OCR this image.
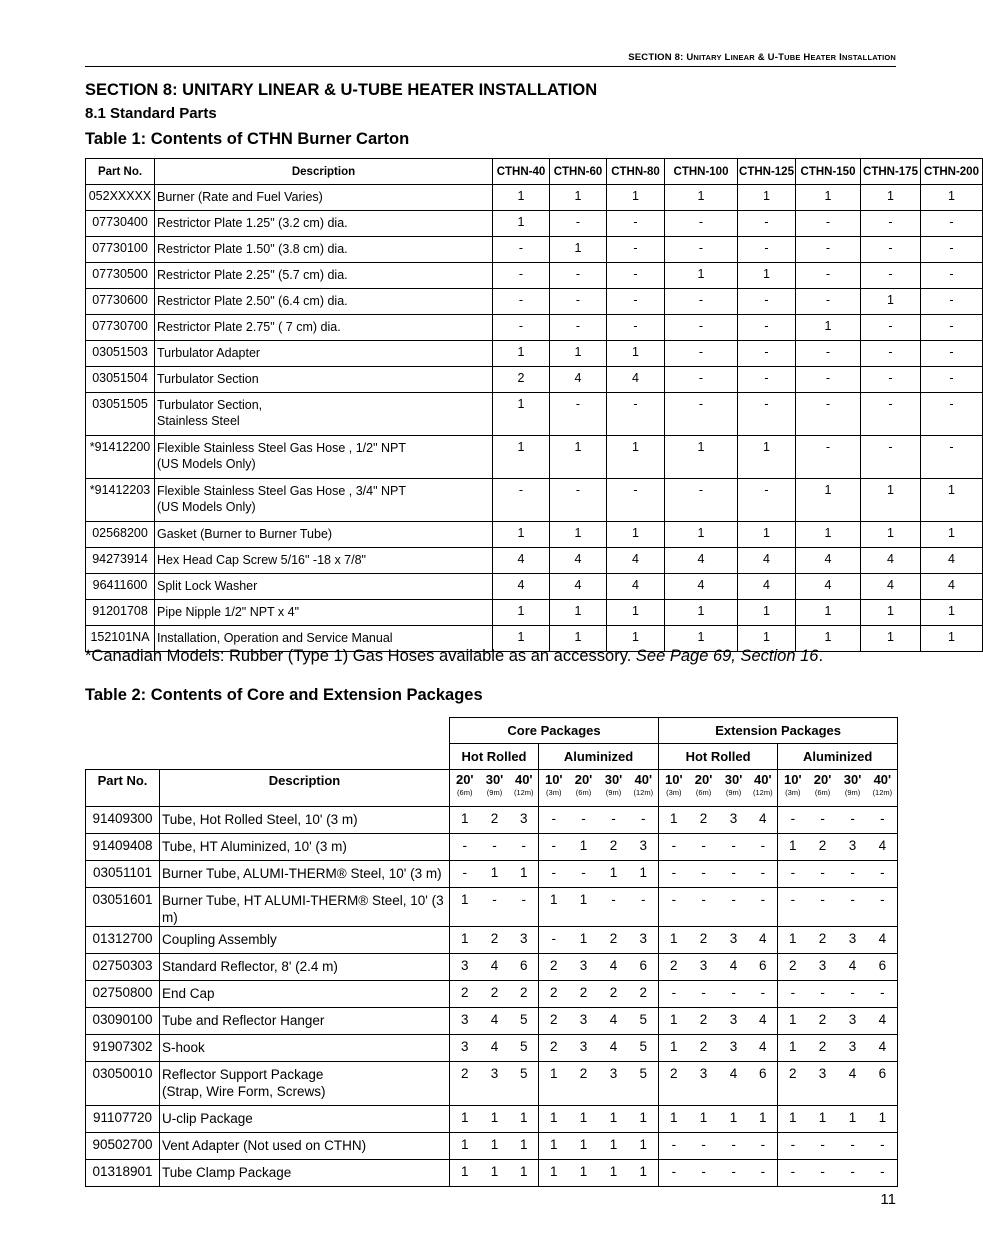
SECTION 8: UNITARY LINEAR & U-TUBE HEATER INSTALLATION
SECTION 8: UNITARY LINEAR & U-TUBE HEATER INSTALLATION
8.1 Standard Parts
Table 1: Contents of CTHN Burner Carton
Part No.	Description	CTHN-40	CTHN-60	CTHN-80	CTHN-100	CTHN-125	CTHN-150	CTHN-175	CTHN-200
052XXXXX	Burner (Rate and Fuel Varies)	1	1	1	1	1	1	1	1
07730400	Restrictor Plate 1.25" (3.2 cm) dia.	1	-	-	-	-	-	-	-
07730100	Restrictor Plate 1.50" (3.8 cm) dia.	-	1	-	-	-	-	-	-
07730500	Restrictor Plate 2.25" (5.7 cm) dia.	-	-	-	1	1	-	-	-
07730600	Restrictor Plate 2.50" (6.4 cm) dia.	-	-	-	-	-	-	1	-
07730700	Restrictor Plate 2.75" ( 7 cm) dia.	-	-	-	-	-	1	-	-
03051503	Turbulator Adapter	1	1	1	-	-	-	-	-
03051504	Turbulator Section	2	4	4	-	-	-	-	-
03051505	Turbulator Section,
Stainless Steel	1	-	-	-	-	-	-	-
*91412200	Flexible Stainless Steel Gas Hose , 1/2" NPT
(US Models Only)	1	1	1	1	1	-	-	-
*91412203	Flexible Stainless Steel Gas Hose , 3/4" NPT
(US Models Only)	-	-	-	-	-	1	1	1
02568200	Gasket (Burner to Burner Tube)	1	1	1	1	1	1	1	1
94273914	Hex Head Cap Screw 5/16" -18 x 7/8"	4	4	4	4	4	4	4	4
96411600	Split Lock Washer	4	4	4	4	4	4	4	4
91201708	Pipe Nipple 1/2" NPT x 4"	1	1	1	1	1	1	1	1
152101NA	Installation, Operation and Service Manual	1	1	1	1	1	1	1	1
*Canadian Models: Rubber (Type 1) Gas Hoses available as an accessory. See Page 69, Section 16.
Table 2: Contents of Core and Extension Packages
		Core Packages							Extension Packages							
		Hot Rolled			Aluminized				Hot Rolled				Aluminized			
Part No.	Description	20'
(6m)	30'
(9m)	40'
(12m)	10'
(3m)	20'
(6m)	30'
(9m)	40'
(12m)	10'
(3m)	20'
(6m)	30'
(9m)	40'
(12m)	10'
(3m)	20'
(6m)	30'
(9m)	40'
(12m)

91409300	Tube, Hot Rolled Steel, 10' (3 m)	1	2	3	-	-	-	-	1	2	3	4	-	-	-	-
91409408	Tube, HT Aluminized, 10' (3 m)	-	-	-	-	1	2	3	-	-	-	-	1	2	3	4
03051101	Burner Tube, ALUMI-THERM® Steel, 10' (3 m)	-	1	1	-	-	1	1	-	-	-	-	-	-	-	-
03051601	Burner Tube, HT ALUMI-THERM® Steel, 10' (3 m)	1	-	-	1	1	-	-	-	-	-	-	-	-	-	-
01312700	Coupling Assembly	1	2	3	-	1	2	3	1	2	3	4	1	2	3	4
02750303	Standard Reflector, 8' (2.4 m)	3	4	6	2	3	4	6	2	3	4	6	2	3	4	6
02750800	End Cap	2	2	2	2	2	2	2	-	-	-	-	-	-	-	-
03090100	Tube and Reflector Hanger	3	4	5	2	3	4	5	1	2	3	4	1	2	3	4
91907302	S-hook	3	4	5	2	3	4	5	1	2	3	4	1	2	3	4
03050010	Reflector Support Package
(Strap, Wire Form, Screws)	2	3	5	1	2	3	5	2	3	4	6	2	3	4	6
91107720	U-clip Package	1	1	1	1	1	1	1	1	1	1	1	1	1	1	1
90502700	Vent Adapter (Not used on CTHN)	1	1	1	1	1	1	1	-	-	-	-	-	-	-	-
01318901	Tube Clamp Package	1	1	1	1	1	1	1	-	-	-	-	-	-	-	-
11
